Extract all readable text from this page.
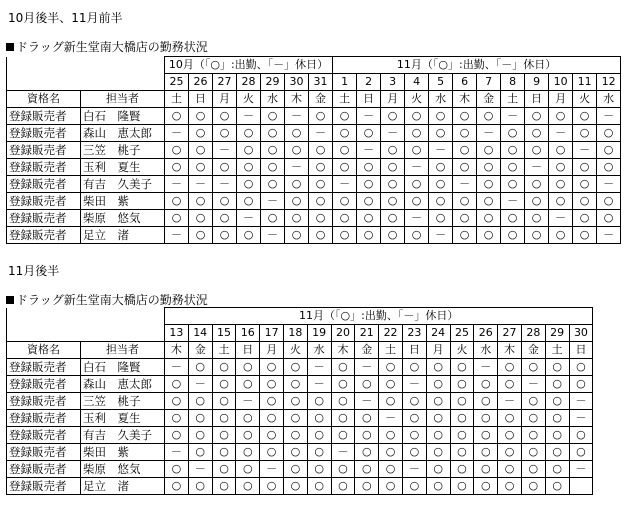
10月後半、11月前半
ドラッグ新生堂南大橋店の勤務状況
		10月（「○」:出勤、「－」休日）							11月（「○」:出勤、「－」休日）											
		25	26	27	28	29	30	31	1	2	3	4	5	6	7	8	9	10	11	12
資格名	担当者	土	日	月	火	水	木	金	土	日	月	火	水	木	金	土	日	月	火	水
登録販売者	白石　隆賢	○	○	○	－	○	－	○	○	－	○	○	○	○	○	－	○	○	○	－
登録販売者	森山　恵太郎	－	○	○	○	○	○	－	○	○	－	○	○	○	－	○	○	－	○	○
登録販売者	三笠　桃子	○	○	－	○	○	○	○	○	－	○	○	－	○	○	○	○	○	－	○
登録販売者	玉利　夏生	○	○	○	○	○	－	○	○	○	○	－	○	○	○	○	－	○	○	○
登録販売者	有吉　久美子	－	－	－	○	○	○	○	－	○	○	○	○	－	○	○	○	○	○	－
登録販売者	柴田　紫	○	○	○	○	－	○	○	○	○	○	○	○	○	○	－	○	○	○	○
登録販売者	柴原　悠気	○	○	○	－	○	○	○	○	○	○	－	○	○	○	○	○	－	○	○
登録販売者	足立　渚	－	○	○	○	－	○	○	○	○	○	○	－	○	○	○	○	○	○	－
11月後半
ドラッグ新生堂南大橋店の勤務状況
		11月（「○」:出勤、「－」休日）																	
		13	14	15	16	17	18	19	20	21	22	23	24	25	26	27	28	29	30
資格名	担当者	木	金	土	日	月	火	水	木	金	土	日	月	火	水	木	金	土	日
登録販売者	白石　隆賢	－	○	○	○	○	○	－	○	－	○	○	○	○	－	○	○	○	○
登録販売者	森山　恵太郎	○	－	○	○	○	○	－	○	○	○	－	○	○	○	○	－	○	○
登録販売者	三笠　桃子	○	○	○	－	○	○	○	○	－	○	○	○	○	○	－	○	○	－
登録販売者	玉利　夏生	○	○	○	○	○	○	○	○	○	－	○	○	○	○	○	○	○	－
登録販売者	有吉　久美子	○	○	○	○	○	○	○	○	○	○	○	○	○	○	○	○	○	○
登録販売者	柴田　紫	－	○	○	○	○	○	○	－	○	○	○	○	○	○	○	○	○	○
登録販売者	柴原　悠気	○	－	○	○	－	○	○	○	○	○	－	○	○	○	○	○	○	－
登録販売者	足立　渚	○	○	○	○	○	○	○	○	○	○	○	○	○	○	○	○	○	
